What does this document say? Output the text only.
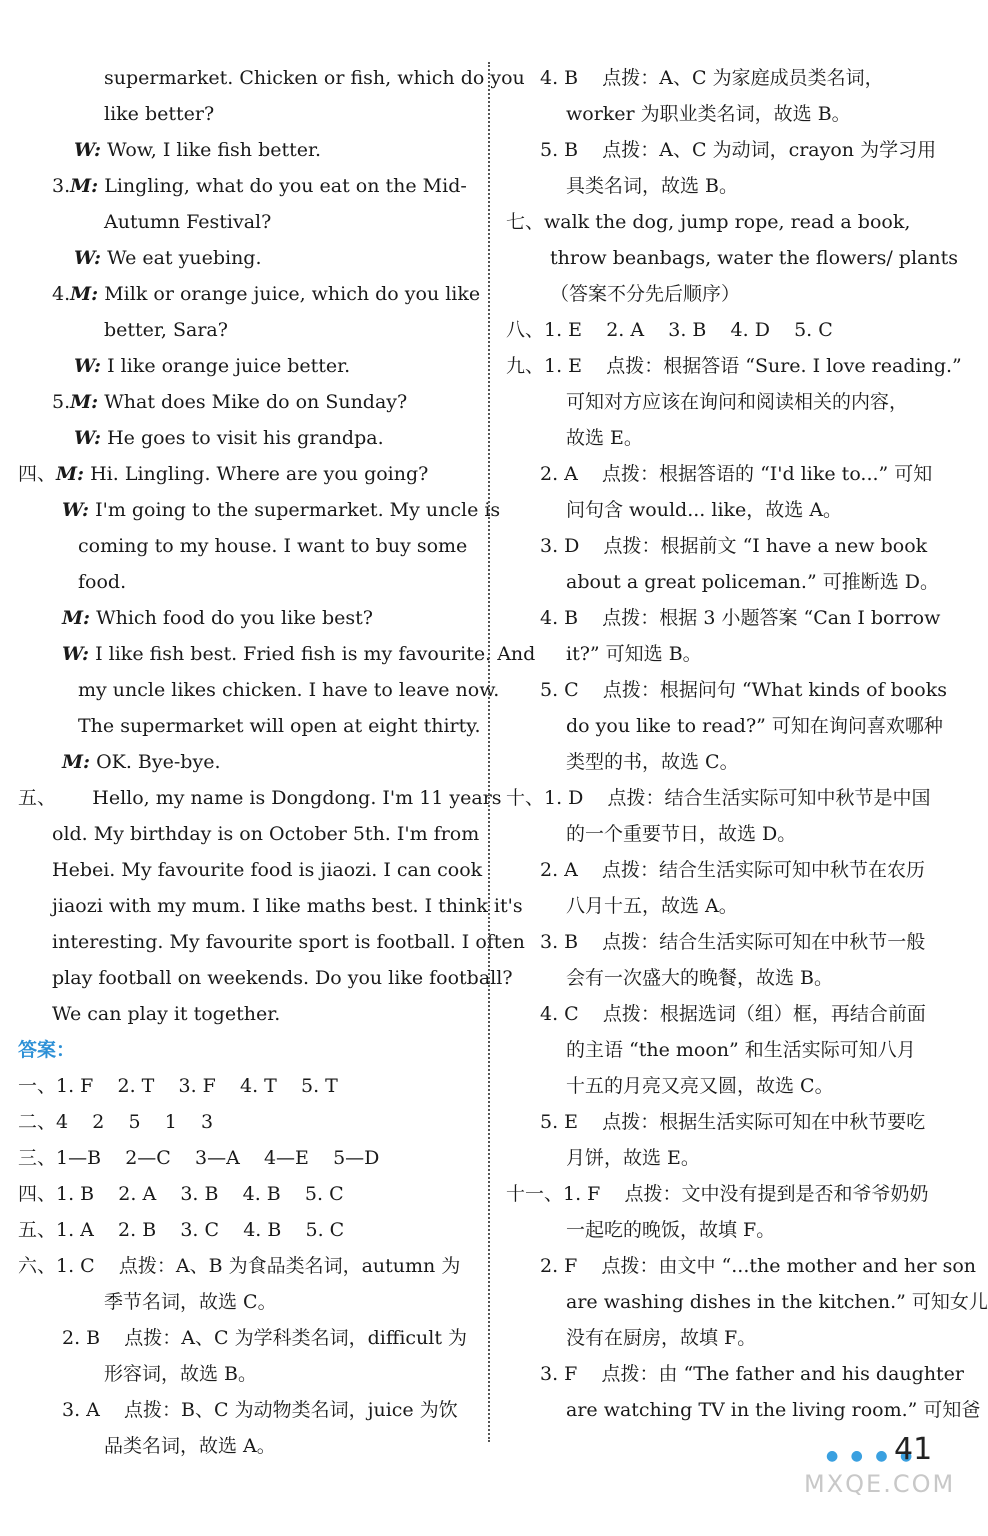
supermarket. Chicken or fish, which do you
like better?
W: Wow, I like fish better.
3.M: Lingling, what do you eat on the Mid-
Autumn Festival?
W: We eat yuebing.
4.M: Milk or orange juice, which do you like
better, Sara?
W: I like orange juice better.
5.M: What does Mike do on Sunday?
W: He goes to visit his grandpa.
四、M: Hi. Lingling. Where are you going?
W: I'm going to the supermarket. My uncle is
coming to my house. I want to buy some
food.
M: Which food do you like best?
W: I like fish best. Fried fish is my favourite. And
my uncle likes chicken. I have to leave now.
The supermarket will open at eight thirty.
M: OK. Bye-bye.
五、      Hello, my name is Dongdong. I'm 11 years
old. My birthday is on October 5th. I'm from
Hebei. My favourite food is jiaozi. I can cook
jiaozi with my mum. I like maths best. I think it's
interesting. My favourite sport is football. I often
play football on weekends. Do you like football?
We can play it together.
答案：
一、1. F    2. T    3. F    4. T    5. T
二、4    2    5    1    3
三、1—B    2—C    3—A    4—E    5—D
四、1. B    2. A    3. B    4. B    5. C
五、1. A    2. B    3. C    4. B    5. C
六、1. C    点拨：A、B 为食品类名词，autumn 为
季节名词，故选 C。
2. B    点拨：A、C 为学科类名词，difficult 为
形容词，故选 B。
3. A    点拨：B、C 为动物类名词，juice 为饮
品类名词，故选 A。
4. B    点拨：A、C 为家庭成员类名词，
worker 为职业类名词，故选 B。
5. B    点拨：A、C 为动词，crayon 为学习用
具类名词，故选 B。
七、walk the dog, jump rope, read a book,
throw beanbags, water the flowers/ plants
（答案不分先后顺序）
八、1. E    2. A    3. B    4. D    5. C
九、1. E    点拨：根据答语 “Sure. I love reading.”
可知对方应该在询问和阅读相关的内容，
故选 E。
2. A    点拨：根据答语的 “I'd like to...” 可知
问句含 would... like，故选 A。
3. D    点拨：根据前文 “I have a new book
about a great policeman.” 可推断选 D。
4. B    点拨：根据 3 小题答案 “Can I borrow
it?” 可知选 B。
5. C    点拨：根据问句 “What kinds of books
do you like to read?” 可知在询问喜欢哪种
类型的书，故选 C。
十、1. D    点拨：结合生活实际可知中秋节是中国
的一个重要节日，故选 D。
2. A    点拨：结合生活实际可知中秋节在农历
八月十五，故选 A。
3. B    点拨：结合生活实际可知在中秋节一般
会有一次盛大的晚餐，故选 B。
4. C    点拨：根据选词（组）框，再结合前面
的主语 “the moon” 和生活实际可知八月
十五的月亮又亮又圆，故选 C。
5. E    点拨：根据生活实际可知在中秋节要吃
月饼，故选 E。
十一、1. F    点拨：文中没有提到是否和爷爷奶奶
一起吃的晚饭，故填 F。
2. F    点拨：由文中 “...the mother and her son
are washing dishes in the kitchen.” 可知女儿
没有在厨房，故填 F。
3. F    点拨：由 “The father and his daughter
are watching TV in the living room.” 可知爸
● ● ● ●
41
MXQE.COM
